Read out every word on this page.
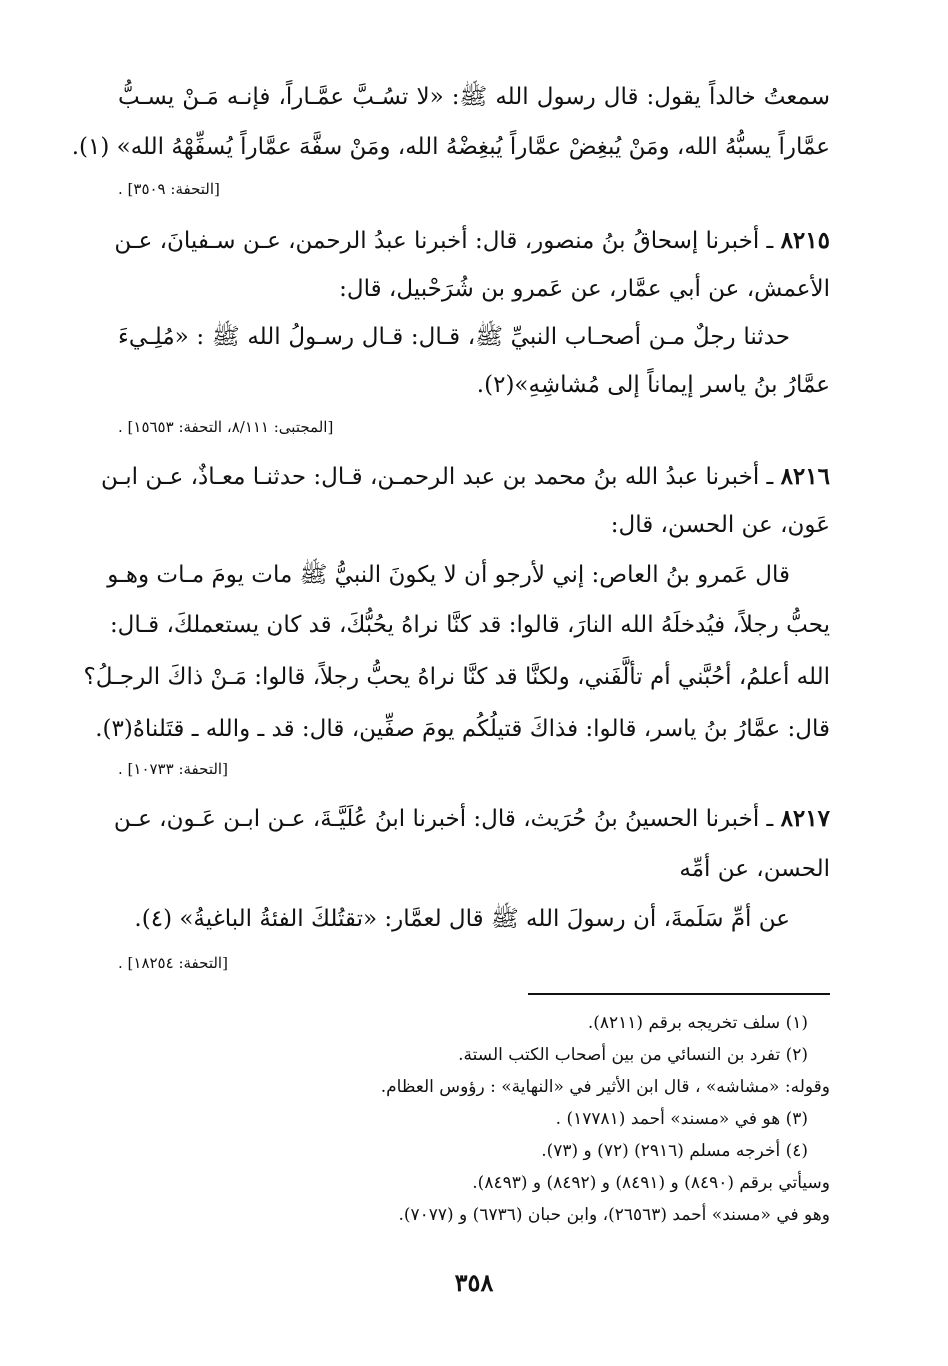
سمعتُ خالداً يقول: قال رسول الله ﷺ: «لا تسُـبَّ عمَّـاراً، فإنـه مَـنْ يسـبُّ
عمَّاراً يسبُّهُ الله، ومَنْ يُبغِضْ عمَّاراً يُبغِضْهُ الله، ومَنْ سفَّهَ عمَّاراً يُسفِّهْهُ الله» (١).
[التحفة: ٣٥٠٩] .
٨٢١٥ ـ أخبرنا إسحاقُ بنُ منصور، قال: أخبرنا عبدُ الرحمن، عـن سـفيانَ، عـن
الأعمش، عن أبي عمَّار، عن عَمرو بن شُرَحْبيل، قال:
حدثنا رجلٌ مـن أصحـاب النبيِّ ﷺ، قـال: قـال رسـولُ الله ﷺ : «مُلِـيءَ
عمَّارُ بنُ ياسر إيماناً إلى مُشاشِهِ»(٢).
[المجتبى: ٨/١١١، التحفة: ١٥٦٥٣] .
٨٢١٦ ـ أخبرنا عبدُ الله بنُ محمد بن عبد الرحمـن، قـال: حدثنـا معـاذٌ، عـن ابـن
عَون، عن الحسن، قال:
قال عَمرو بنُ العاص: إني لأرجو أن لا يكونَ النبيُّ ﷺ مات يومَ مـات وهـو
يحبُّ رجلاً، فيُدخلَهُ الله النارَ، قالوا: قد كنَّا نراهُ يحُبُّكَ، قد كان يستعملكَ، قـال:
الله أعلمُ، أحُبَّني أم تألَّفَني، ولكنَّا قد كنَّا نراهُ يحبُّ رجلاً، قالوا: مَـنْ ذاكَ الرجـلُ؟
قال: عمَّارُ بنُ ياسر، قالوا: فذاكَ قتيلُكُم يومَ صفِّين، قال: قد ـ والله ـ قتَلناهُ(٣).
[التحفة: ١٠٧٣٣] .
٨٢١٧ ـ أخبرنا الحسينُ بنُ حُرَيث، قال: أخبرنا ابنُ عُلَيَّـةَ، عـن ابـن عَـون، عـن
الحسن، عن أمِّه
عن أمِّ سَلَمةَ، أن رسولَ الله ﷺ قال لعمَّار: «تقتُلكَ الفئةُ الباغيةُ» (٤).
[التحفة: ١٨٢٥٤] .
(١) سلف تخريجه برقم (٨٢١١).
(٢) تفرد بن النسائي من بين أصحاب الكتب الستة.
وقوله: «مشاشه» ، قال ابن الأثير في «النهاية» : رؤوس العظام.
(٣) هو في «مسند» أحمد (١٧٧٨١) .
(٤) أخرجه مسلم (٢٩١٦) (٧٢) و (٧٣).
وسيأتي برقم (٨٤٩٠) و (٨٤٩١) و (٨٤٩٢) و (٨٤٩٣).
وهو في «مسند» أحمد (٢٦٥٦٣)، وابن حبان (٦٧٣٦) و (٧٠٧٧).
٣٥٨
